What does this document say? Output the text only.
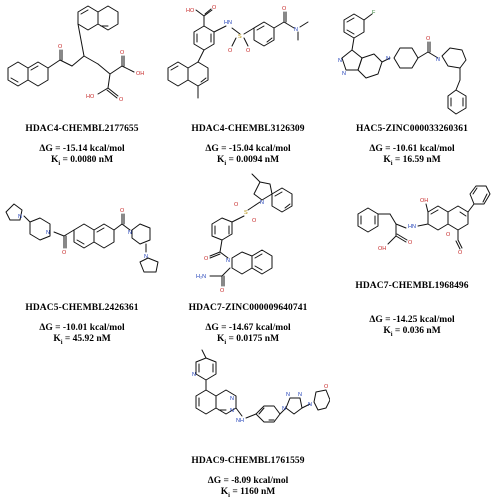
O
O
OH
O
HO
HDAC4-CHEMBL2177655
ΔG = -15.14 kcal/mol
$K_i = 0.0080$ nM
HO	O
HN
S
O O
O
N
HDAC4-CHEMBL3126309
ΔG = -15.04 kcal/mol
$K_i = 0.0094$ nM
F
N
N
N
O
N
HAC5-ZINC000033260361
ΔG = -10.61 kcal/mol
$K_i = 16.59$ nM
N
N
O
O
N
N
HDAC5-CHEMBL2426361
ΔG = -10.01 kcal/mol
$K_i = 45.92$ nM
N
S
O
O
O	N
O
H₂N
HDAC7-ZINC000009640741
ΔG = -14.67 kcal/mol
$K_i = 0.0175$ nM
OH
O
O
HN
O
OH
HDAC7-CHEMBL1968496
ΔG = -14.25 kcal/mol
$K_i = 0.036$ nM
N
N
N
NH
N
N N
N
O
HDAC9-CHEMBL1761559
ΔG = -8.09 kcal/mol
$K_i = 1160$ nM
